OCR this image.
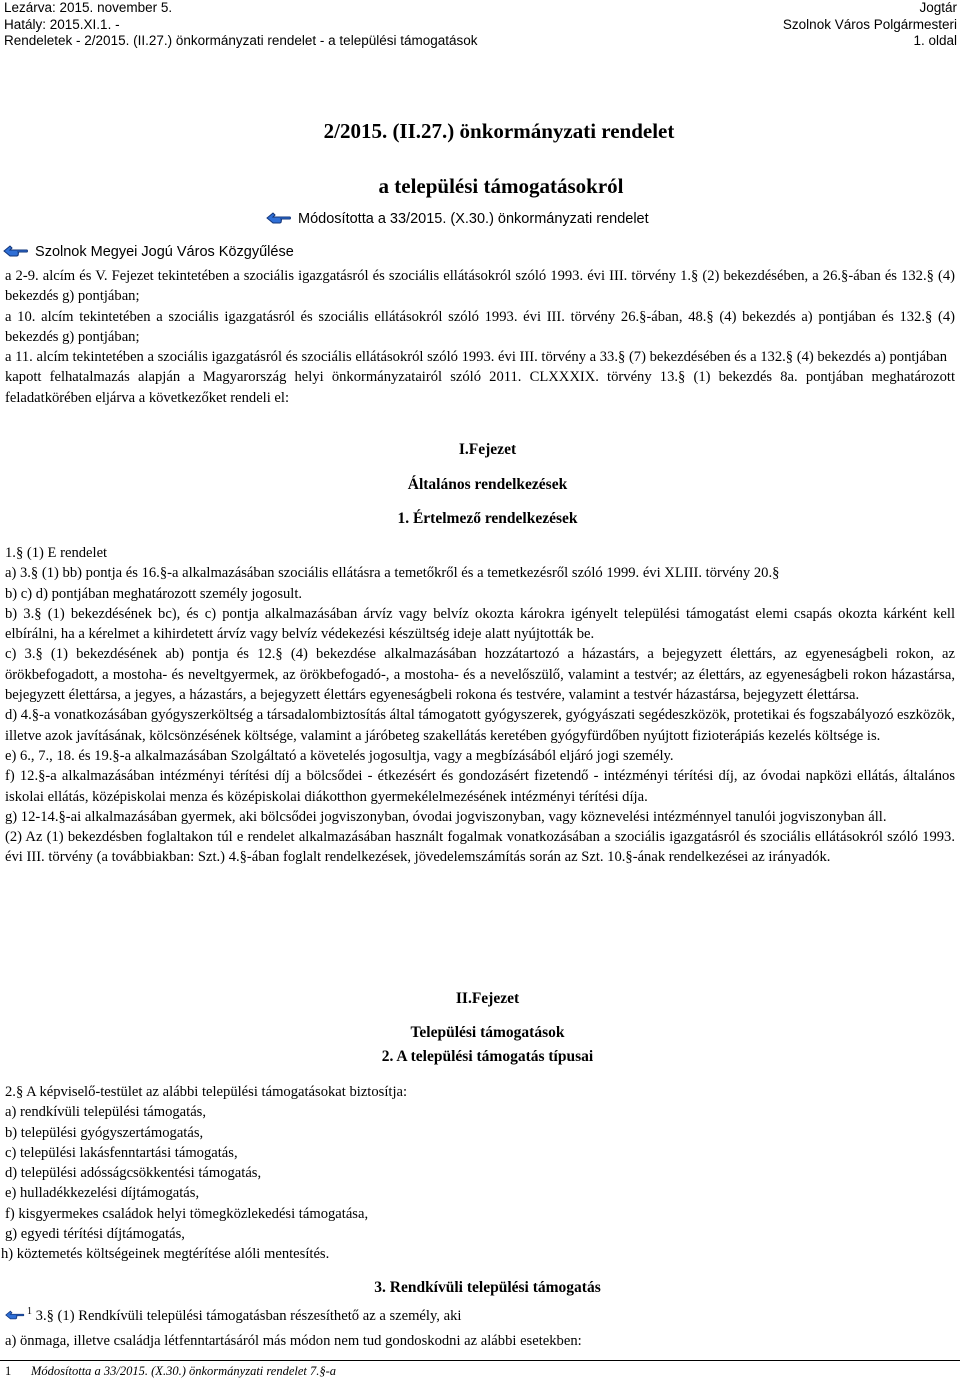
Lezárva: 2015. november 5.
Hatály: 2015.XI.1. -
Rendeletek - 2/2015. (II.27.) önkormányzati rendelet - a települési támogatások
Jogtár
Szolnok Város Polgármesteri
1. oldal
2/2015. (II.27.) önkormányzati rendelet
a települési támogatásokról
Módosította a 33/2015. (X.30.) önkormányzati rendelet
Szolnok Megyei Jogú Város Közgyűlése

a 2-9. alcím és V. Fejezet tekintetében a szociális igazgatásról és szociális ellátásokról szóló 1993. évi III. törvény 1.§ (2) bekezdésében, a 26.§-ában és 132.§ (4) bekezdés g) pontjában;

a 10. alcím tekintetében a szociális igazgatásról és szociális ellátásokról szóló 1993. évi III. törvény 26.§-ában, 48.§ (4) bekezdés a) pontjában és 132.§ (4) bekezdés g) pontjában;

a 11. alcím tekintetében a szociális igazgatásról és szociális ellátásokról szóló 1993. évi III. törvény a 33.§ (7) bekezdésében és a 132.§ (4) bekezdés a) pontjában

kapott felhatalmazás alapján a Magyarország helyi önkormányzatairól szóló 2011. CLXXXIX. törvény 13.§ (1) bekezdés 8a. pontjában meghatározott feladatkörében eljárva a következőket rendeli el:

I.Fejezet
Általános rendelkezések
1. Értelmező rendelkezések

1.§ (1) E rendelet

a) 3.§ (1) bb) pontja és 16.§-a alkalmazásában szociális ellátásra a temetőkről és a temetkezésről szóló 1999. évi XLIII. törvény 20.§

b) c) d) pontjában meghatározott személy jogosult.

b) 3.§ (1) bekezdésének bc), és c) pontja alkalmazásában árvíz vagy belvíz okozta károkra igényelt települési támogatást elemi csapás okozta kárként kell elbírálni, ha a kérelmet a kihirdetett árvíz vagy belvíz védekezési készültség ideje alatt nyújtották be.

c) 3.§ (1) bekezdésének ab) pontja és 12.§ (4) bekezdése alkalmazásában hozzátartozó a házastárs, a bejegyzett élettárs, az egyeneságbeli rokon, az örökbefogadott, a mostoha- és neveltgyermek, az örökbefogadó-, a mostoha- és a nevelőszülő, valamint a testvér; az élettárs, az egyeneságbeli rokon házastársa, bejegyzett élettársa, a jegyes, a házastárs, a bejegyzett élettárs egyeneságbeli rokona és testvére, valamint a testvér házastársa, bejegyzett élettársa.

d) 4.§-a vonatkozásában gyógyszerköltség a társadalombiztosítás által támogatott gyógyszerek, gyógyászati segédeszközök, protetikai és fogszabályozó eszközök, illetve azok javításának, kölcsönzésének költsége, valamint a járóbeteg szakellátás keretében gyógyfürdőben nyújtott fizioterápiás kezelés költsége is.

e) 6., 7., 18. és 19.§-a alkalmazásában Szolgáltató a követelés jogosultja, vagy a megbízásából eljáró jogi személy.

f) 12.§-a alkalmazásában intézményi térítési díj a bölcsődei - étkezésért és gondozásért fizetendő - intézményi térítési díj, az óvodai napközi ellátás, általános iskolai ellátás, középiskolai menza és középiskolai diákotthon gyermekélelmezésének intézményi térítési díja.

g) 12-14.§-ai alkalmazásában gyermek, aki bölcsődei jogviszonyban, óvodai jogviszonyban, vagy köznevelési intézménnyel tanulói jogviszonyban áll.

(2) Az (1) bekezdésben foglaltakon túl e rendelet alkalmazásában használt fogalmak vonatkozásában a szociális igazgatásról és szociális ellátásokról szóló 1993. évi III. törvény (a továbbiakban: Szt.) 4.§-ában foglalt rendelkezések, jövedelemszámítás során az Szt. 10.§-ának rendelkezései az irányadók.

II.Fejezet
Települési támogatások
2. A települési támogatás típusai
2.§ A képviselő-testület az alábbi települési támogatásokat biztosítja:
a) rendkívüli települési támogatás,
b) települési gyógyszertámogatás,
c) települési lakásfenntartási támogatás,
d) települési adósságcsökkentési támogatás,
e) hulladékkezelési díjtámogatás,
f) kisgyermekes családok helyi tömegközlekedési támogatása,
g) egyedi térítési díjtámogatás,
h) köztemetés költségeinek megtérítése alóli mentesítés.
3. Rendkívüli települési támogatás
$^1$ 3.§ (1) Rendkívüli települési támogatásban részesíthető az a személy, aki
a) önmaga, illetve családja létfenntartásáról más módon nem tud gondoskodni az alábbi esetekben:
1 Módosította a 33/2015. (X.30.) önkormányzati rendelet 7.§-a
